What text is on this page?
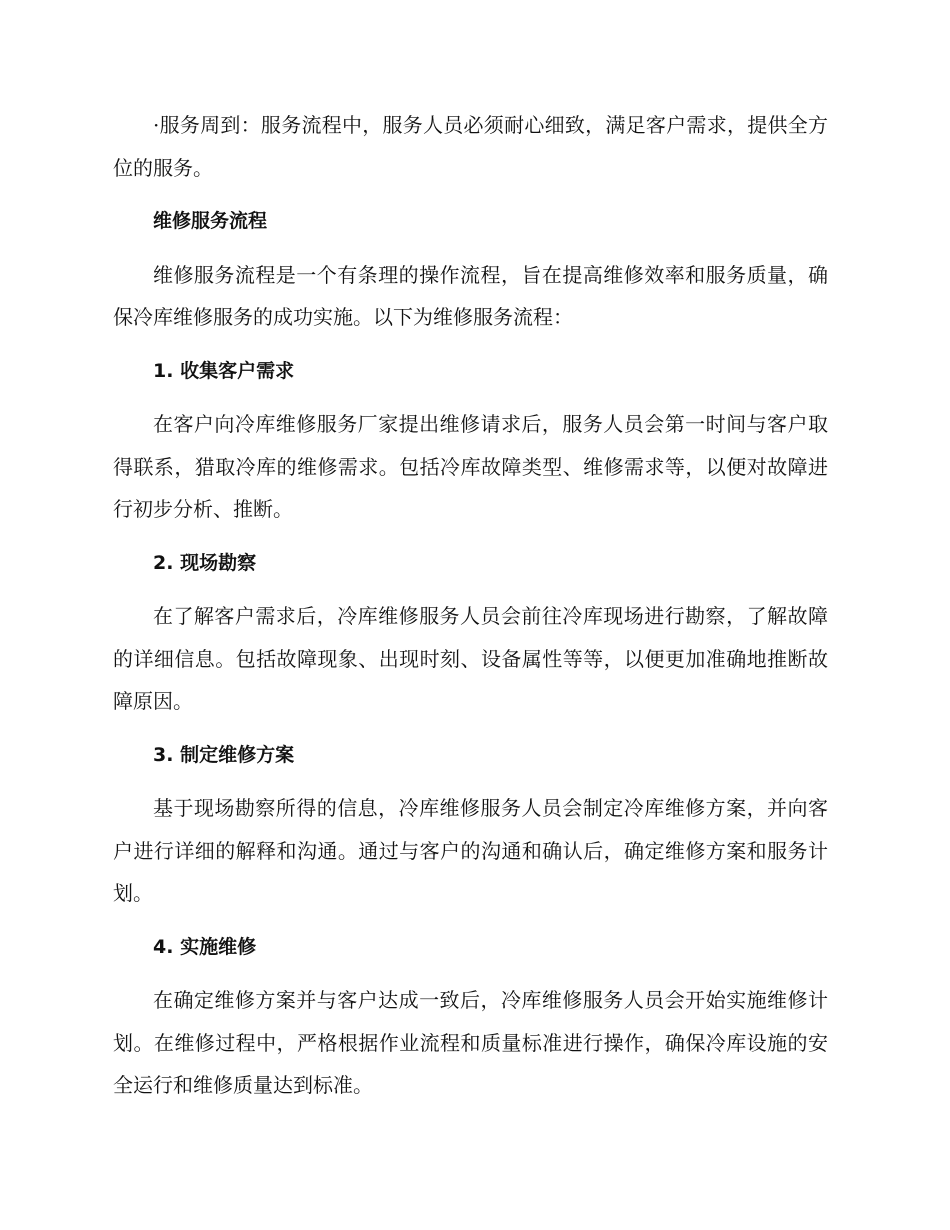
·服务周到：服务流程中，服务人员必须耐心细致，满足客户需求，提供全方位的服务。

维修服务流程

维修服务流程是一个有条理的操作流程，旨在提高维修效率和服务质量，确保冷库维修服务的成功实施。以下为维修服务流程：

1. 收集客户需求

在客户向冷库维修服务厂家提出维修请求后，服务人员会第一时间与客户取得联系，猎取冷库的维修需求。包括冷库故障类型、维修需求等，以便对故障进行初步分析、推断。

2. 现场勘察

在了解客户需求后，冷库维修服务人员会前往冷库现场进行勘察，了解故障的详细信息。包括故障现象、出现时刻、设备属性等等，以便更加准确地推断故障原因。

3. 制定维修方案

基于现场勘察所得的信息，冷库维修服务人员会制定冷库维修方案，并向客户进行详细的解释和沟通。通过与客户的沟通和确认后，确定维修方案和服务计划。

4. 实施维修

在确定维修方案并与客户达成一致后，冷库维修服务人员会开始实施维修计划。在维修过程中，严格根据作业流程和质量标准进行操作，确保冷库设施的安全运行和维修质量达到标准。
